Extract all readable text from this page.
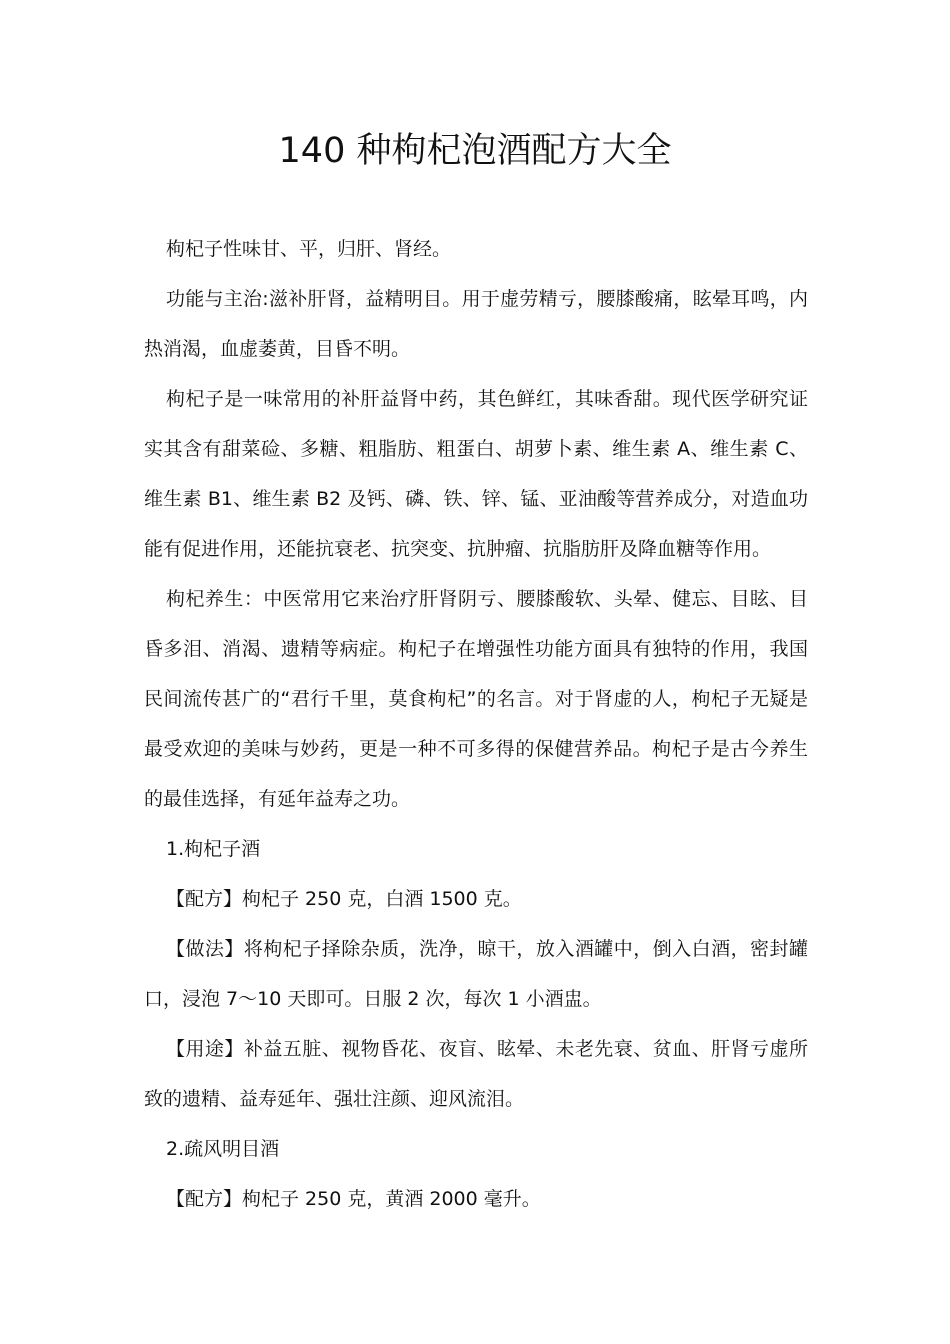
140 种枸杞泡酒配方大全

枸杞子性味甘、平，归肝、肾经。

功能与主治:滋补肝肾，益精明目。用于虚劳精亏，腰膝酸痛，眩晕耳鸣，内热消渴，血虚萎黄，目昏不明。

枸杞子是一味常用的补肝益肾中药，其色鲜红，其味香甜。现代医学研究证实其含有甜菜硷、多糖、粗脂肪、粗蛋白、胡萝卜素、维生素 A、维生素 C、维生素 B1、维生素 B2 及钙、磷、铁、锌、锰、亚油酸等营养成分，对造血功能有促进作用，还能抗衰老、抗突变、抗肿瘤、抗脂肪肝及降血糖等作用。

枸杞养生：中医常用它来治疗肝肾阴亏、腰膝酸软、头晕、健忘、目眩、目昏多泪、消渴、遗精等病症。枸杞子在增强性功能方面具有独特的作用，我国民间流传甚广的“君行千里，莫食枸杞”的名言。对于肾虚的人，枸杞子无疑是最受欢迎的美味与妙药，更是一种不可多得的保健营养品。枸杞子是古今养生的最佳选择，有延年益寿之功。

1.枸杞子酒

【配方】枸杞子 250 克，白酒 1500 克。

【做法】将枸杞子择除杂质，洗净，晾干，放入酒罐中，倒入白酒，密封罐口，浸泡 7～10 天即可。日服 2 次，每次 1 小酒盅。

【用途】补益五脏、视物昏花、夜盲、眩晕、未老先衰、贫血、肝肾亏虚所致的遗精、益寿延年、强壮注颜、迎风流泪。

2.疏风明目酒

【配方】枸杞子 250 克，黄酒 2000 毫升。
